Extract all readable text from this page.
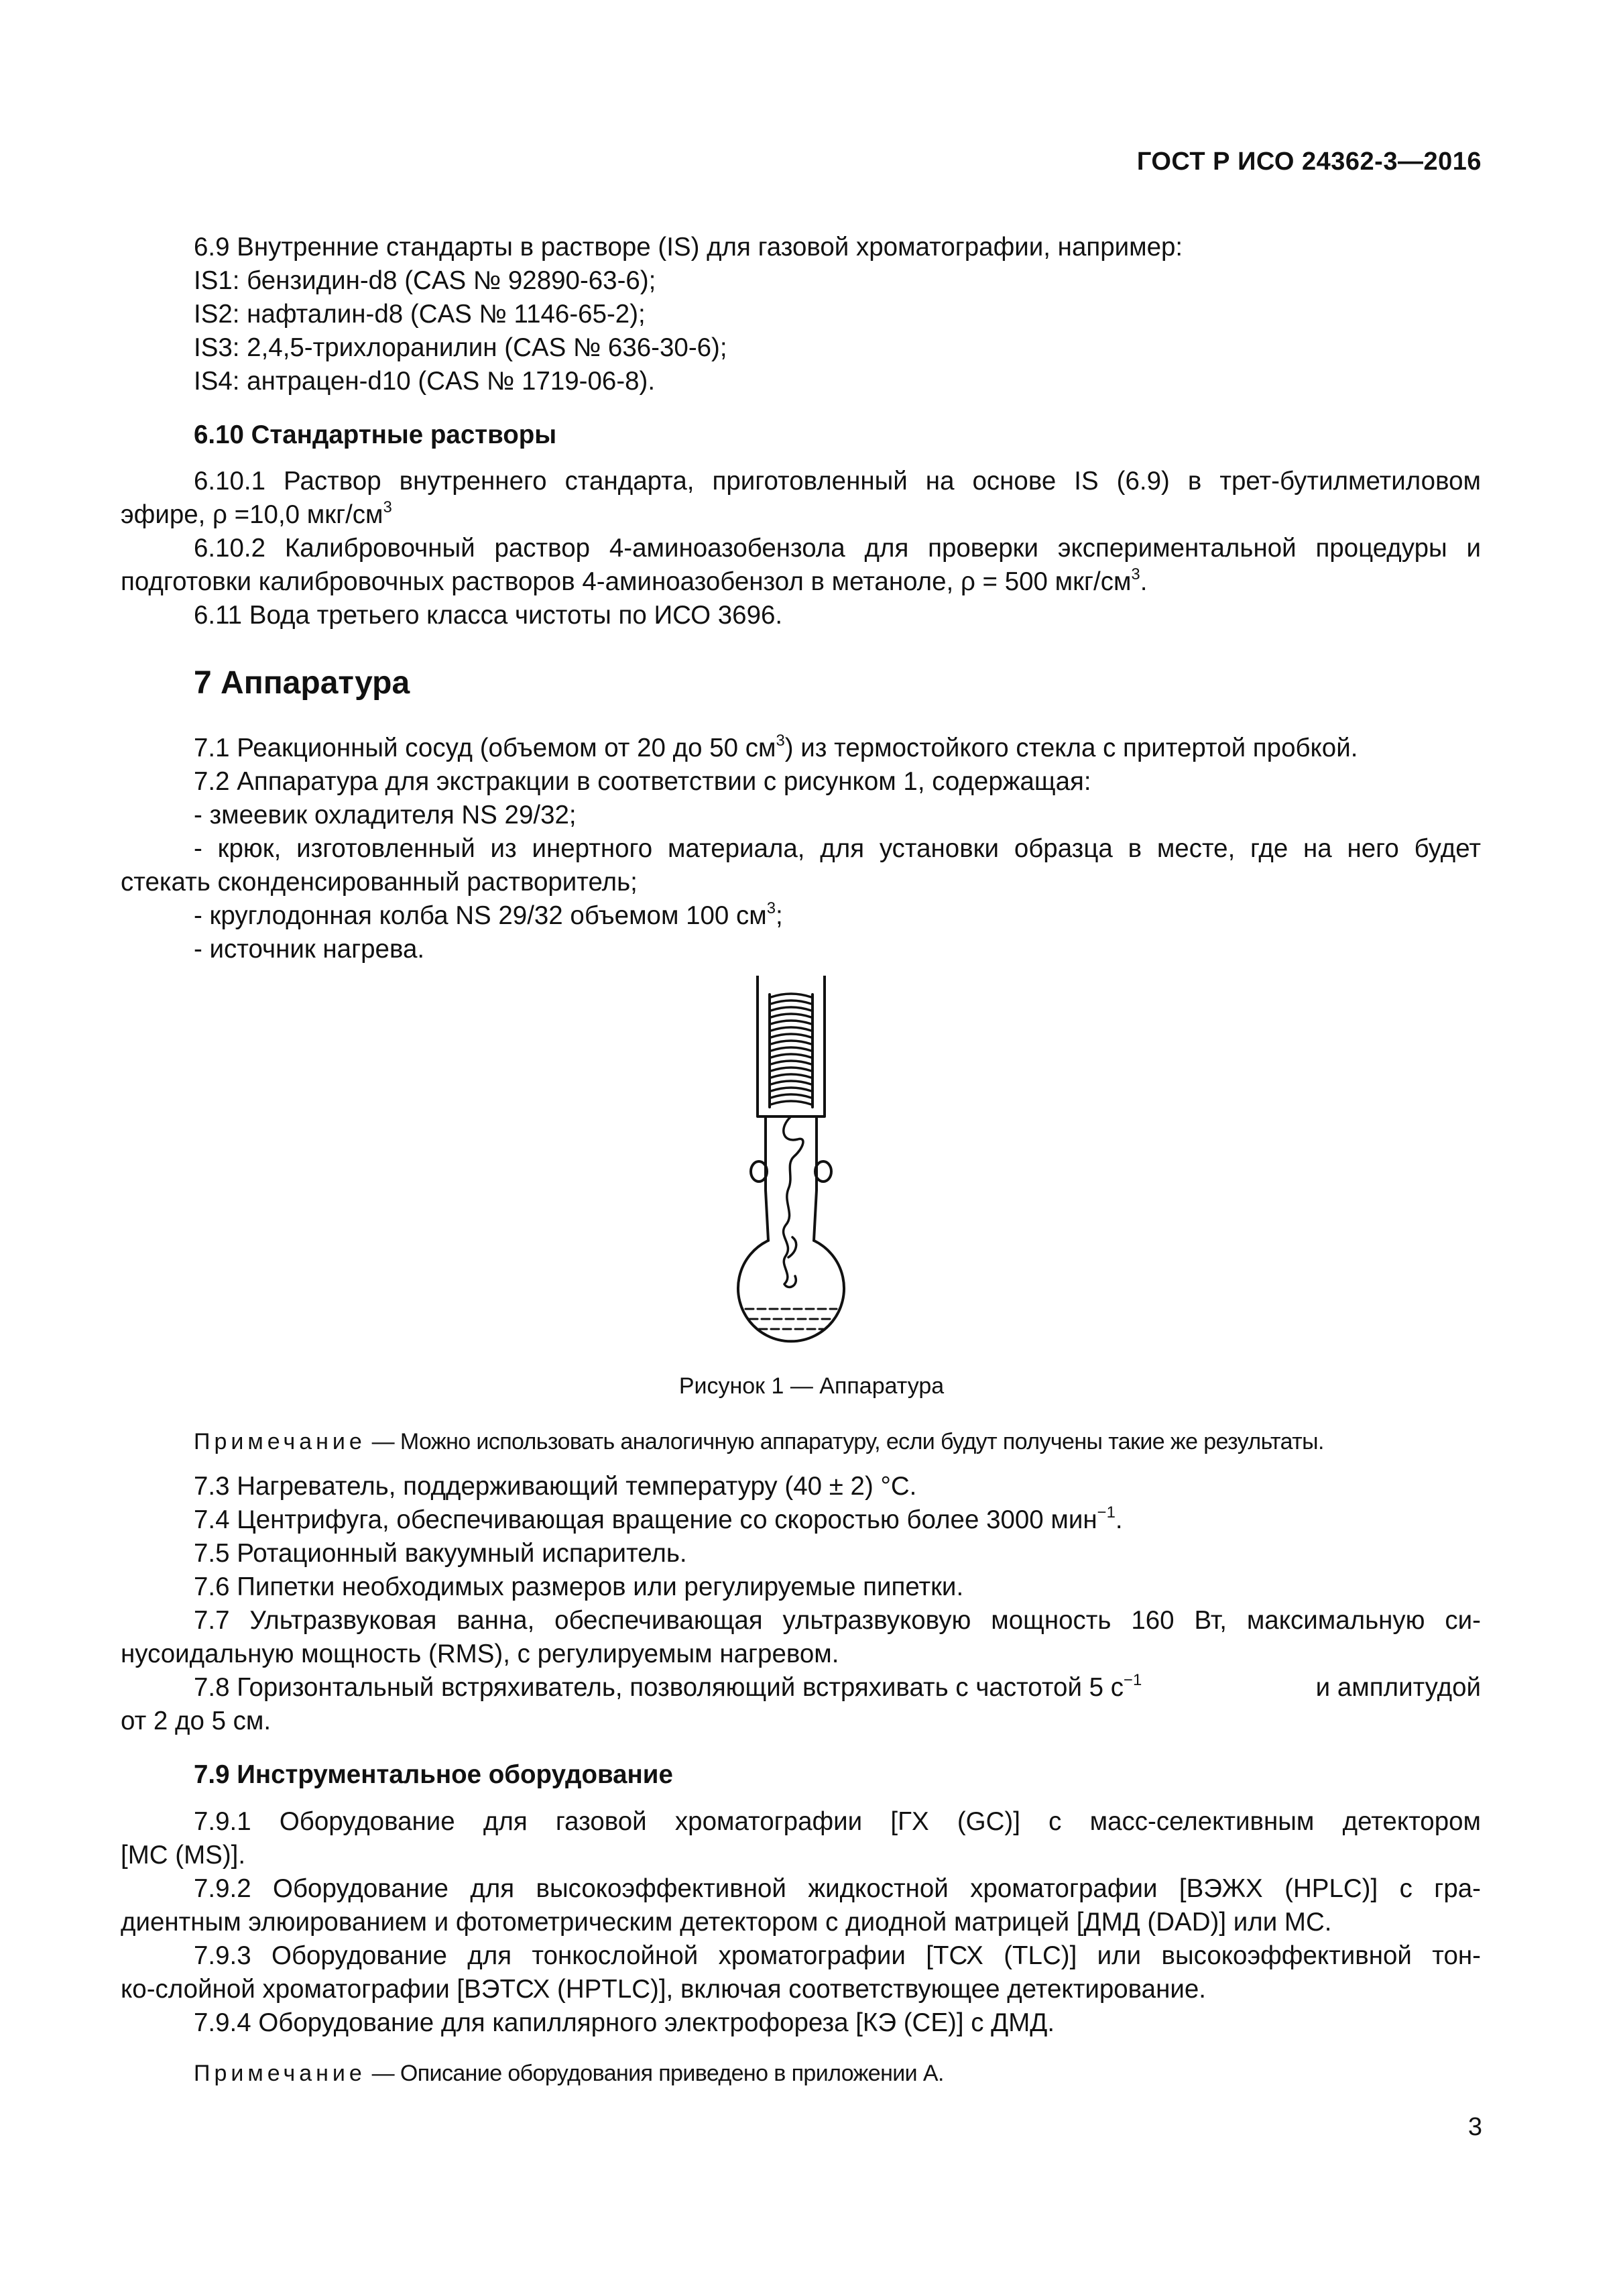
ГОСТ Р ИСО 24362-3—2016
6.9 Внутренние стандарты в растворе (IS) для газовой хроматографии, например:
IS1: бензидин-d8 (CAS № 92890-63-6);
IS2: нафталин-d8 (CAS № 1146-65-2);
IS3: 2,4,5-трихлоранилин (CAS № 636-30-6);
IS4: антрацен-d10 (CAS № 1719-06-8).
6.10 Стандартные растворы
6.10.1 Раствор внутреннего стандарта, приготовленный на основе IS (6.9) в трет-бутилметиловом
эфире, ρ =10,0 мкг/$см^3$
6.10.2 Калибровочный раствор 4-аминоазобензола для проверки экспериментальной процедуры и
подготовки калибровочных растворов 4-аминоазобензол в метаноле, ρ = 500 мкг/$см^3$.
6.11 Вода третьего класса чистоты по ИСО 3696.
7 Аппаратура
7.1 Реакционный сосуд (объемом от 20 до 50 $см^3$) из термостойкого стекла с притертой пробкой.
7.2 Аппаратура для экстракции в соответствии с рисунком 1, содержащая:
- змеевик охладителя NS 29/32;
- крюк, изготовленный из инертного материала, для установки образца в месте, где на него будет
стекать сконденсированный растворитель;
- круглодонная колба NS 29/32 объемом 100 $см^3$;
- источник нагрева.
Рисунок 1 — Аппаратура
Примечание — Можно использовать аналогичную аппаратуру, если будут получены такие же результаты.
7.3 Нагреватель, поддерживающий температуру (40 ± 2) °С.
7.4 Центрифуга, обеспечивающая вращение со скоростью более 3000 мин$^{-1}$.
7.5 Ротационный вакуумный испаритель.
7.6 Пипетки необходимых размеров или регулируемые пипетки.
7.7 Ультразвуковая ванна, обеспечивающая ультразвуковую мощность 160 Вт, максимальную си-
нусоидальную мощность (RMS), с регулируемым нагревом.
7.8 Горизонтальный встряхиватель, позволяющий встряхивать с частотой 5 $с^{-1}$	и амплитудой
от 2 до 5 см.
7.9 Инструментальное оборудование
7.9.1 Оборудование для газовой хроматографии [ГХ (GC)] с масс-селективным детектором
[МС (MS)].
7.9.2 Оборудование для высокоэффективной жидкостной хроматографии [ВЭЖХ (HPLC)] с гра-
диентным элюированием и фотометрическим детектором с диодной матрицей [ДМД (DAD)] или МС.
7.9.3 Оборудование для тонкослойной хроматографии [ТСХ (TLC)] или высокоэффективной тон-
ко-слойной хроматографии [ВЭТСХ (HPTLC)], включая соответствующее детектирование.
7.9.4 Оборудование для капиллярного электрофореза [КЭ (СЕ)] с ДМД.
Примечание — Описание оборудования приведено в приложении А.
3
